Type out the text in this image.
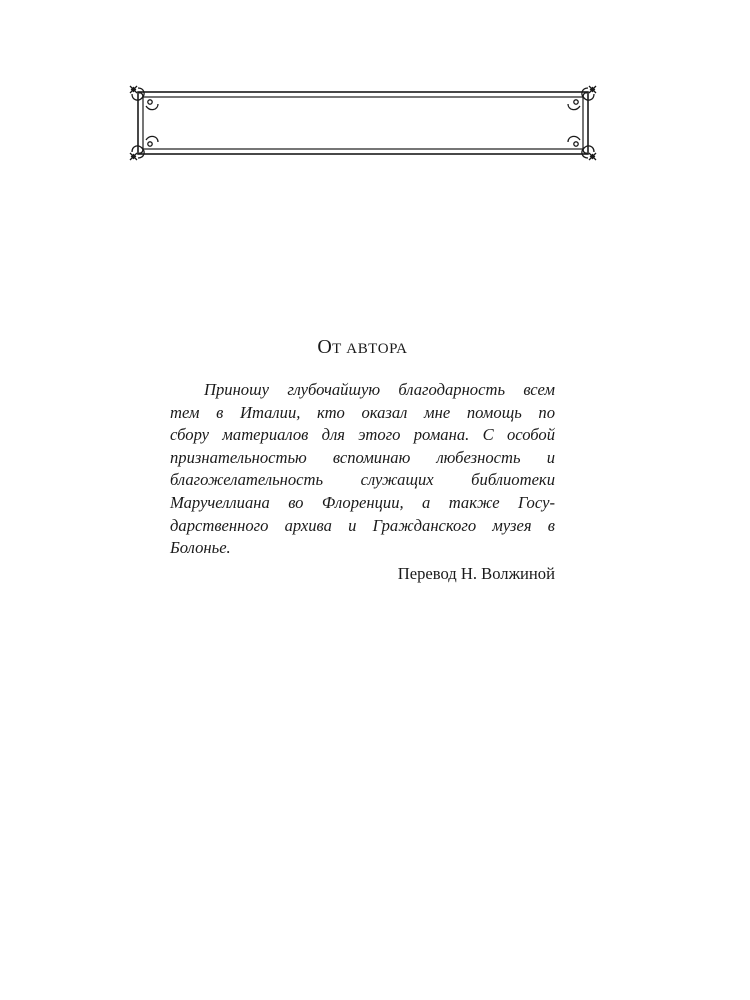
ОТ АВТОРА

Приношу глубочайшую благодарность всем
тем в Италии, кто оказал мне помощь по
сбору материалов для этого романа. С особой
признательностью вспоминаю любезность и
благожелательность служащих библиотеки
Маручеллиана во Флоренции, а также Госу-
дарственного архива и Гражданского музея в
Болонье.

Перевод Н. Волжиной
